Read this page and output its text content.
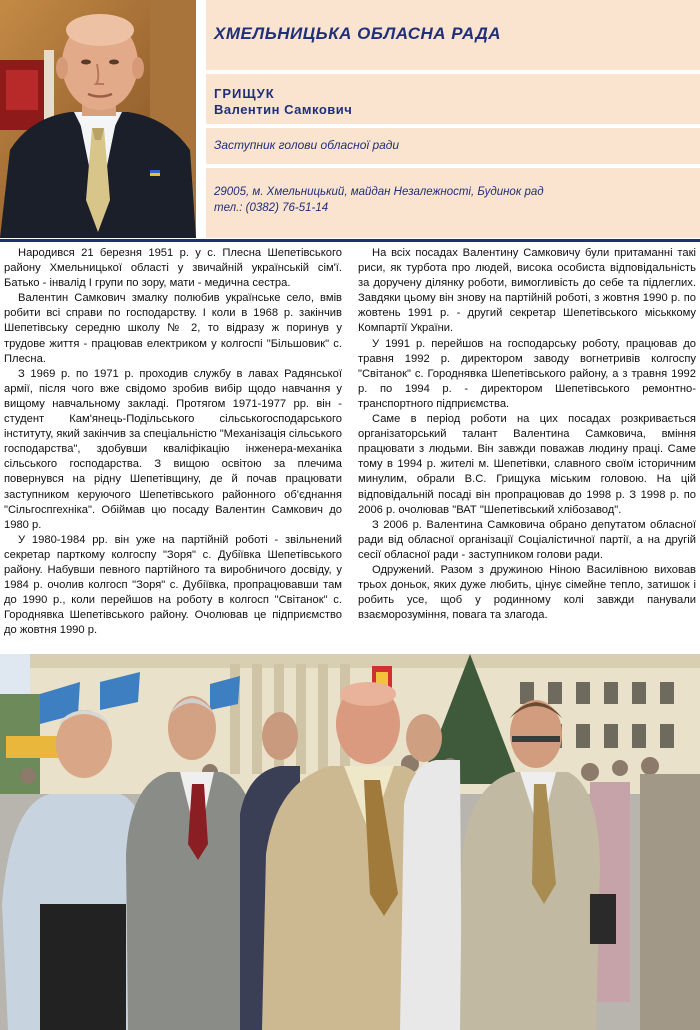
ХМЕЛЬНИЦЬКА ОБЛАСНА РАДА
ГРИЩУК
Валентин Самкович
Заступник голови обласної ради
29005, м. Хмельницький, майдан Незалежності, Будинок рад
тел.: (0382) 76-51-14

Народився 21 березня 1951 р. у с. Плесна Шепетівського району Хмельницької області у звичайній українській сім'ї. Батько - інвалід І групи по зору, мати - медична сестра.

Валентин Самкович змалку полюбив українське село, вмів робити всі справи по господарству. І коли в 1968 р. закінчив Шепетівську середню школу № 2, то відразу ж поринув у трудове життя - працював електриком у колгоспі "Більшовик" с. Плесна.

З 1969 р. по 1971 р. проходив службу в лавах Радянської армії, після чого вже свідомо зробив вибір щодо навчання у вищому навчальному закладі. Протягом 1971-1977 рр. він - студент Кам'янець-Подільського сільськогосподарського інституту, який закінчив за спеціальністю "Механізація сільського господарства", здобувши кваліфікацію інженера-механіка сільського господарства. З вищою освітою за плечима повернувся на рідну Шепетівщину, де й почав працювати заступником керуючого Шепетівського районного об'єднання "Сільгоспгехніка". Обіймав цю посаду Валентин Самкович до 1980 р.

У 1980-1984 рр. він уже на партійній роботі - звільнений секретар парткому колгоспу "Зоря" с. Дубіївка Шепетівського району. Набувши певного партійного та виробничого досвіду, у 1984 р. очолив колгосп "Зоря" с. Дубіївка, пропрацювавши там до 1990 р., коли перейшов на роботу в колгосп "Світанок" с. Городнявка Шепетівського району. Очолював це підприємство до жовтня 1990 р.

На всіх посадах Валентину Самковичу були притаманні такі риси, як турбота про людей, висока особиста відповідальність за доручену ділянку роботи, вимогливість до себе та підлеглих. Завдяки цьому він знову на партійній роботі, з жовтня 1990 р. по жовтень 1991 р. - другий секретар Шепетівського міськкому Компартії України.

У 1991 р. перейшов на господарську роботу, працював до травня 1992 р. директором заводу вогнетривів колгоспу "Світанок" с. Городнявка Шепетівського району, а з травня 1992 р. по 1994 р. - директором Шепетівського ремонтно-транспортного підприємства.

Саме в період роботи на цих посадах розкривається організаторський талант Валентина Самковича, вміння працювати з людьми. Він завжди поважав людину праці. Саме тому в 1994 р. жителі м. Шепетівки, славного своїм історичним минулим, обрали В.С. Грищука міським головою. На цій відповідальній посаді він пропрацював до 1998 р. З 1998 р. по 2006 р. очолював "ВАТ "Шепетівський хлібозавод".

З 2006 р. Валентина Самковича обрано депутатом обласної ради від обласної організації Соціалістичної партії, а на другій сесії обласної ради - заступником голови ради.

Одружений. Разом з дружиною Ніною Василівною виховав трьох доньок, яких дуже любить, цінує сімейне тепло, затишок і робить усе, щоб у родинному колі завжди панували взаєморозуміння, повага та злагода.
